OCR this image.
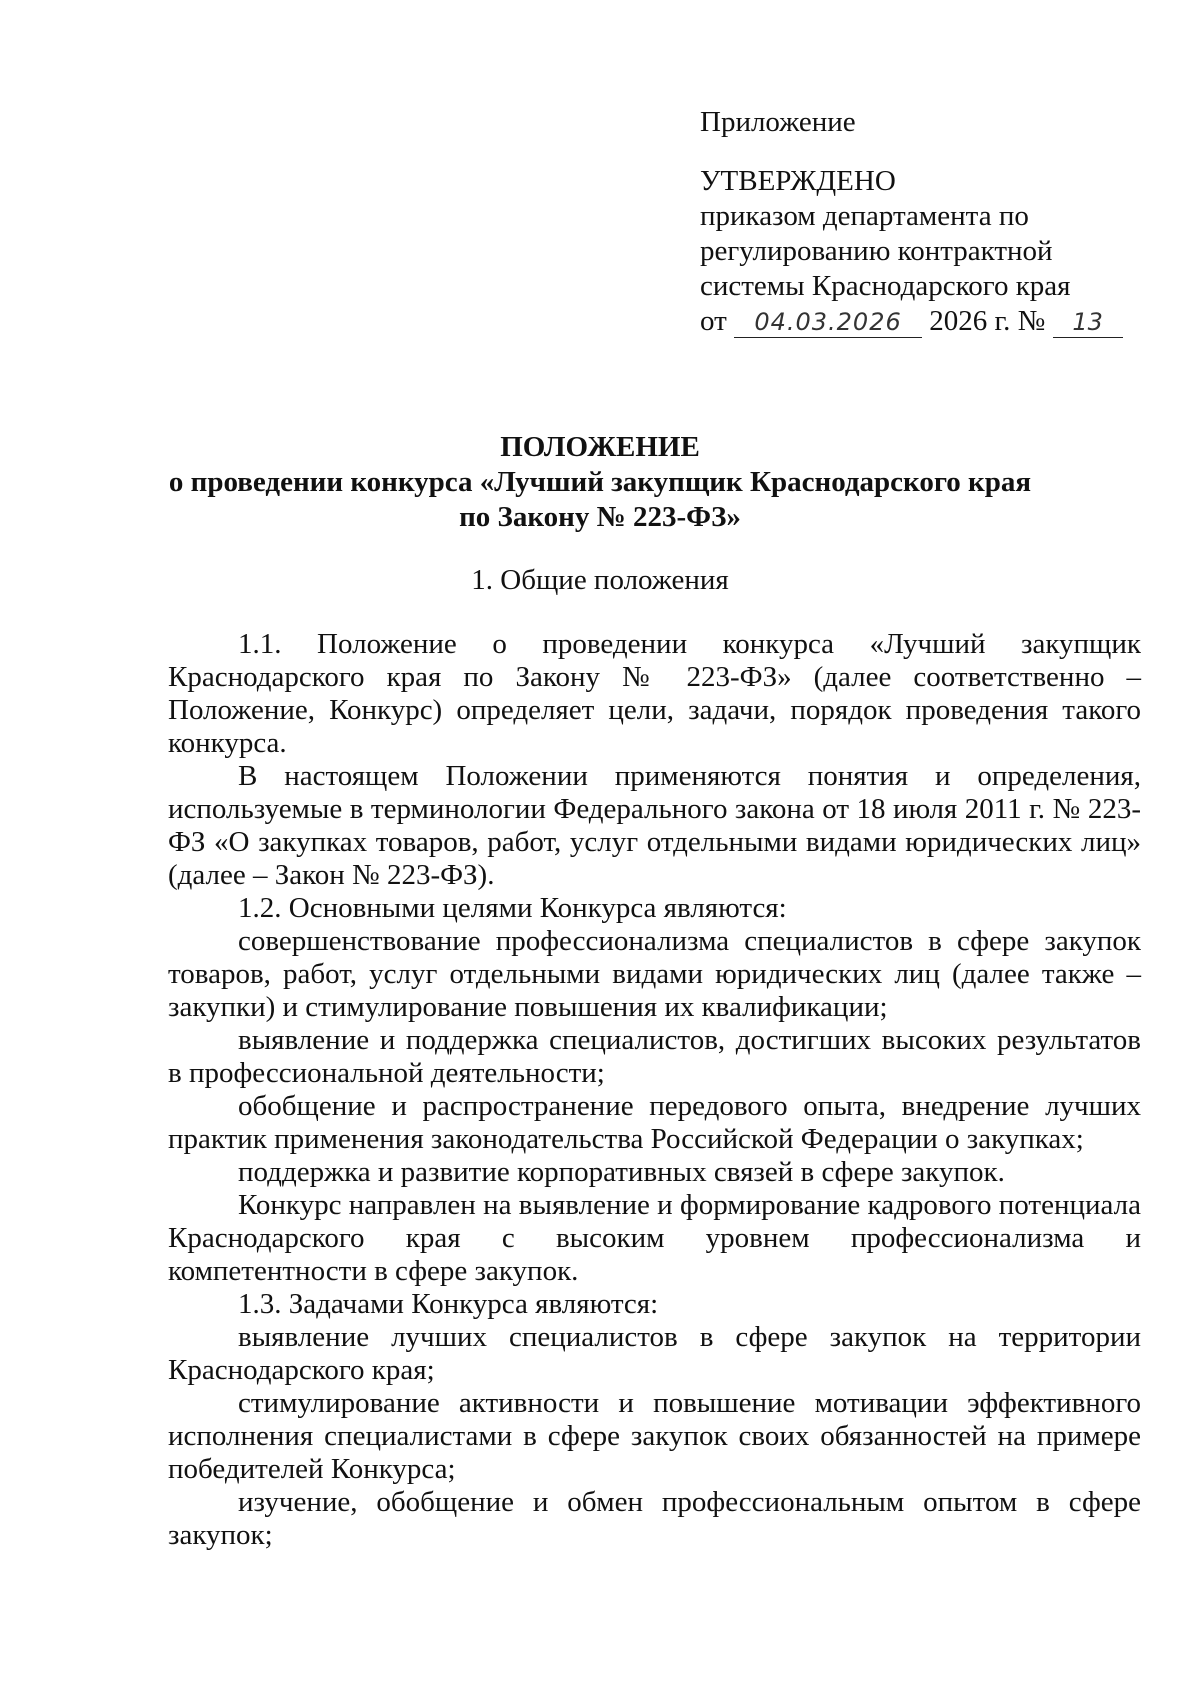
Приложение
УТВЕРЖДЕНО
приказом департамента по
регулированию контрактной
системы Краснодарского края
от 04.03.2026 2026 г. № 13
ПОЛОЖЕНИЕ
о проведении конкурса «Лучший закупщик Краснодарского края
по Закону № 223-ФЗ»
1. Общие положения

1.1. Положение о проведении конкурса «Лучший закупщик Краснодарского края по Закону № 223-ФЗ» (далее соответственно – Положение, Конкурс) определяет цели, задачи, порядок проведения такого конкурса.

В настоящем Положении применяются понятия и определения, используемые в терминологии Федерального закона от 18 июля 2011 г. № 223-ФЗ «О закупках товаров, работ, услуг отдельными видами юридических лиц» (далее – Закон № 223-ФЗ).

1.2. Основными целями Конкурса являются:

совершенствование профессионализма специалистов в сфере закупок товаров, работ, услуг отдельными видами юридических лиц (далее также – закупки) и стимулирование повышения их квалификации;

выявление и поддержка специалистов, достигших высоких результатов в профессиональной деятельности;

обобщение и распространение передового опыта, внедрение лучших практик применения законодательства Российской Федерации о закупках;

поддержка и развитие корпоративных связей в сфере закупок.

Конкурс направлен на выявление и формирование кадрового потенциала Краснодарского края с высоким уровнем профессионализма и компетентности в сфере закупок.

1.3. Задачами Конкурса являются:

выявление лучших специалистов в сфере закупок на территории Краснодарского края;

стимулирование активности и повышение мотивации эффективного исполнения специалистами в сфере закупок своих обязанностей на примере победителей Конкурса;

изучение, обобщение и обмен профессиональным опытом в сфере закупок;
